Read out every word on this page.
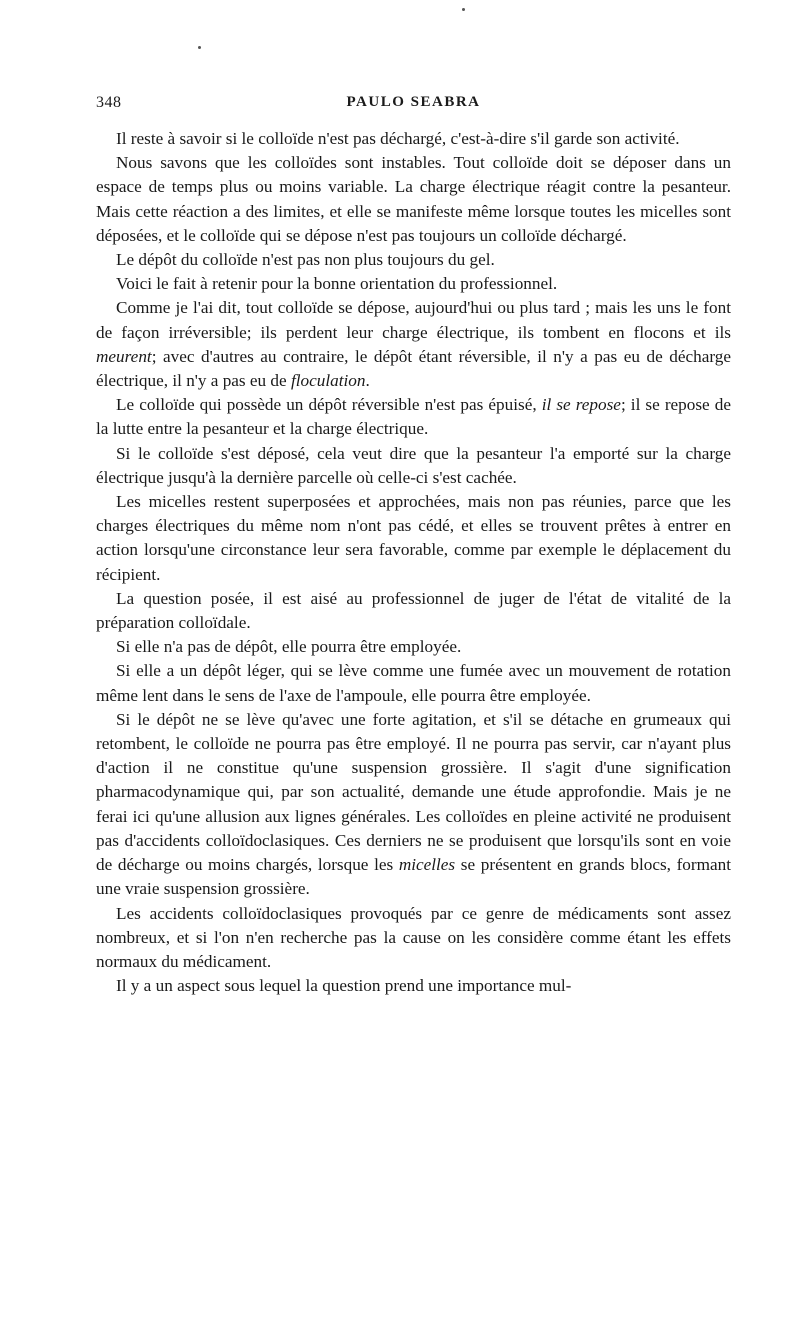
348	PAULO SEABRA

Il reste à savoir si le colloïde n'est pas déchargé, c'est-à-dire s'il garde son activité.

Nous savons que les colloïdes sont instables. Tout colloïde doit se déposer dans un espace de temps plus ou moins variable. La charge électrique réagit contre la pesanteur. Mais cette réaction a des limites, et elle se manifeste même lorsque toutes les micelles sont déposées, et le colloïde qui se dépose n'est pas toujours un colloïde déchargé.

Le dépôt du colloïde n'est pas non plus toujours du gel.

Voici le fait à retenir pour la bonne orientation du professionnel.

Comme je l'ai dit, tout colloïde se dépose, aujourd'hui ou plus tard ; mais les uns le font de façon irréversible; ils perdent leur charge électrique, ils tombent en flocons et ils meurent; avec d'autres au contraire, le dépôt étant réversible, il n'y a pas eu de décharge électrique, il n'y a pas eu de floculation.

Le colloïde qui possède un dépôt réversible n'est pas épuisé, il se repose; il se repose de la lutte entre la pesanteur et la charge électrique.

Si le colloïde s'est déposé, cela veut dire que la pesanteur l'a emporté sur la charge électrique jusqu'à la dernière parcelle où celle-ci s'est cachée.

Les micelles restent superposées et approchées, mais non pas réunies, parce que les charges électriques du même nom n'ont pas cédé, et elles se trouvent prêtes à entrer en action lorsqu'une circonstance leur sera favorable, comme par exemple le déplacement du récipient.

La question posée, il est aisé au professionnel de juger de l'état de vitalité de la préparation colloïdale.

Si elle n'a pas de dépôt, elle pourra être employée.

Si elle a un dépôt léger, qui se lève comme une fumée avec un mouvement de rotation même lent dans le sens de l'axe de l'ampoule, elle pourra être employée.

Si le dépôt ne se lève qu'avec une forte agitation, et s'il se détache en grumeaux qui retombent, le colloïde ne pourra pas être employé. Il ne pourra pas servir, car n'ayant plus d'action il ne constitue qu'une suspension grossière. Il s'agit d'une signification pharmacodynamique qui, par son actualité, demande une étude approfondie. Mais je ne ferai ici qu'une allusion aux lignes générales. Les colloïdes en pleine activité ne produisent pas d'accidents colloïdoclasiques. Ces derniers ne se produisent que lorsqu'ils sont en voie de décharge ou moins chargés, lorsque les micelles se présentent en grands blocs, formant une vraie suspension grossière.

Les accidents colloïdoclasiques provoqués par ce genre de médicaments sont assez nombreux, et si l'on n'en recherche pas la cause on les considère comme étant les effets normaux du médicament.

Il y a un aspect sous lequel la question prend une importance mul-
